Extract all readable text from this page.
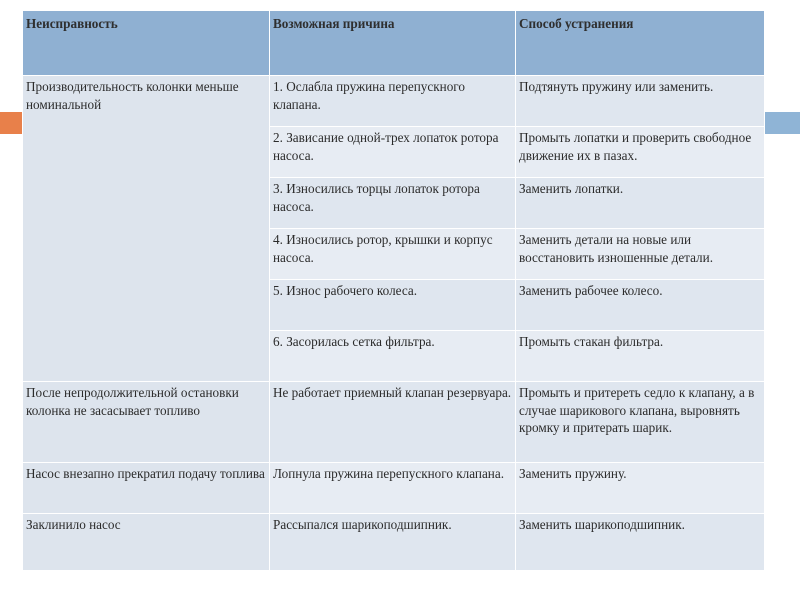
Неисправность	Возможная причина	Способ устранения
Производительность колонки меньше номинальной	1. Ослабла пружина перепускного клапана.	Подтянуть пружину или заменить.
	2. Зависание одной-трех лопаток ротора насоса.	Промыть лопатки и проверить свободное движение их в пазах.
	3. Износились торцы лопаток ротора насоса.	Заменить лопатки.
	4. Износились ротор, крышки и корпус насоса.	Заменить детали на новые или восстановить изношенные детали.
	5. Износ рабочего колеса.	Заменить рабочее колесо.
	6. Засорилась сетка фильтра.	Промыть стакан фильтра.
После непродолжительной остановки колонка не засасывает топливо	Не работает приемный клапан резервуара.	Промыть и притереть седло к клапану, а в случае шарикового клапана, выровнять кромку и притерать шарик.
Насос внезапно прекратил подачу топлива	Лопнула пружина перепускного клапана.	Заменить пружину.
Заклинило насос	Рассыпался шарикоподшипник.	Заменить шарикоподшипник.
